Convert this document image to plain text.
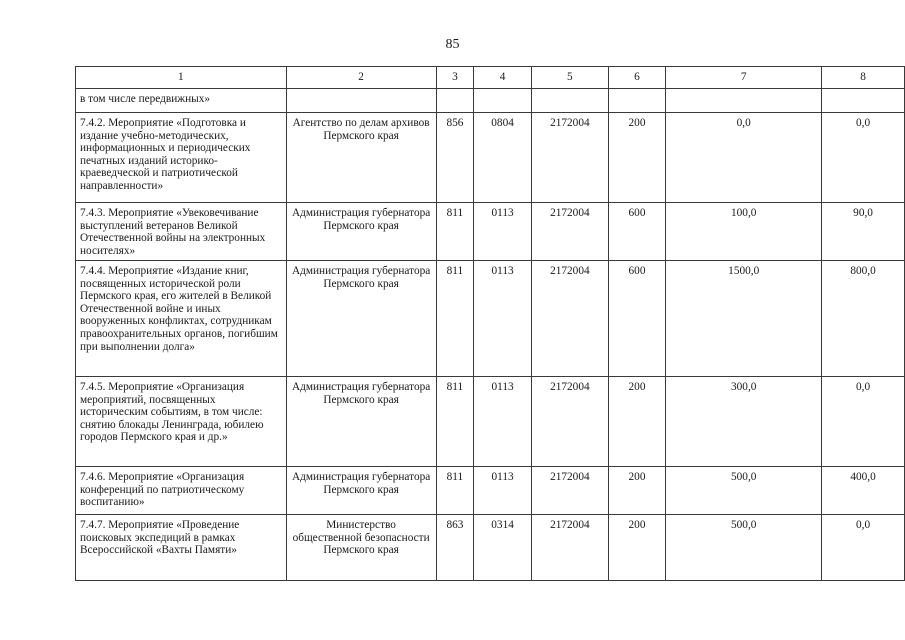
85
1	2	3	4	5	6	7	8
в том числе передвижных»							
7.4.2. Мероприятие «Подготовка и издание учебно-методических, информационных и периодических печатных изданий историко-краеведческой и патриотической направленности»	Агентство по делам архивов Пермского края	856	0804	2172004	200	0,0	0,0
7.4.3. Мероприятие «Увековечивание выступлений ветеранов Великой Отечественной войны на электронных носителях»	Администрация губернатора Пермского края	811	0113	2172004	600	100,0	90,0
7.4.4. Мероприятие «Издание книг, посвященных исторической роли Пермского края, его жителей в Великой Отечественной войне и иных вооруженных конфликтах, сотрудникам правоохранительных органов, погибшим при выполнении долга»	Администрация губернатора Пермского края	811	0113	2172004	600	1500,0	800,0
7.4.5. Мероприятие «Организация мероприятий, посвященных историческим событиям, в том числе: снятию блокады Ленинграда, юбилею городов Пермского края и др.»	Администрация губернатора Пермского края	811	0113	2172004	200	300,0	0,0
7.4.6. Мероприятие «Организация конференций по патриотическому воспитанию»	Администрация губернатора Пермского края	811	0113	2172004	200	500,0	400,0
7.4.7. Мероприятие «Проведение поисковых экспедиций в рамках Всероссийской «Вахты Памяти»	Министерство общественной безопасности Пермского края	863	0314	2172004	200	500,0	0,0
